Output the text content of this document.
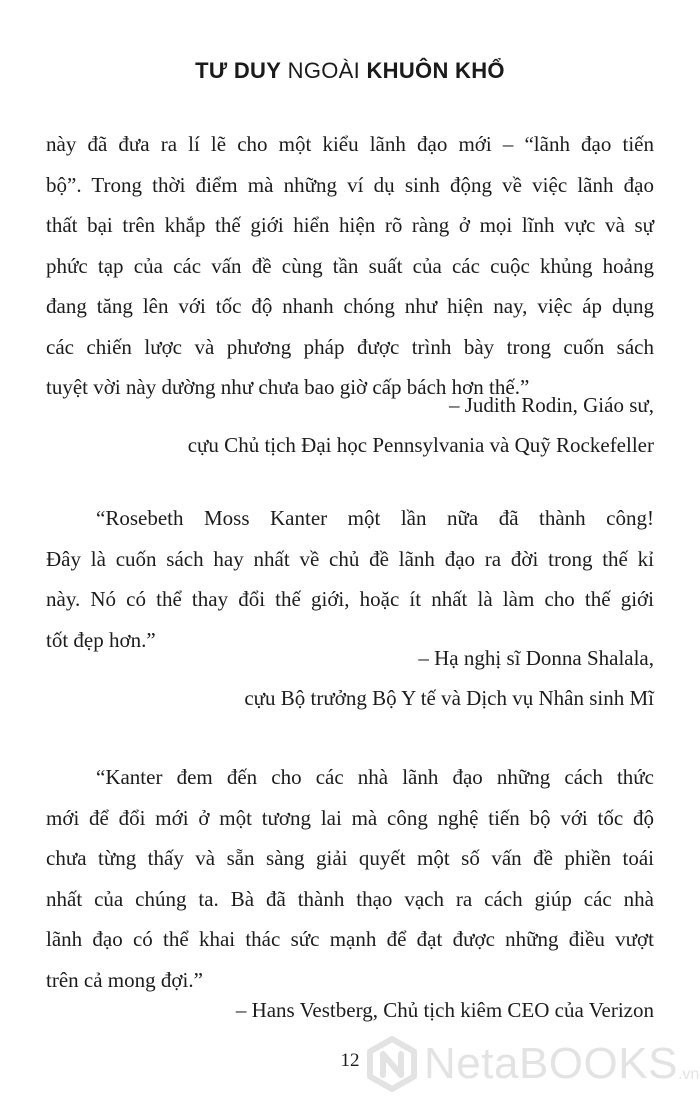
TƯ DUY NGOÀI KHUÔN KHỔ
này đã đưa ra lí lẽ cho một kiểu lãnh đạo mới – “lãnh đạo tiến
bộ”. Trong thời điểm mà những ví dụ sinh động về việc lãnh đạo
thất bại trên khắp thế giới hiển hiện rõ ràng ở mọi lĩnh vực và sự
phức tạp của các vấn đề cùng tần suất của các cuộc khủng hoảng
đang tăng lên với tốc độ nhanh chóng như hiện nay, việc áp dụng
các chiến lược và phương pháp được trình bày trong cuốn sách
tuyệt vời này dường như chưa bao giờ cấp bách hơn thế.”
– Judith Rodin, Giáo sư,
cựu Chủ tịch Đại học Pennsylvania và Quỹ Rockefeller
“Rosebeth Moss Kanter một lần nữa đã thành công!
Đây là cuốn sách hay nhất về chủ đề lãnh đạo ra đời trong thế kỉ
này. Nó có thể thay đổi thế giới, hoặc ít nhất là làm cho thế giới
tốt đẹp hơn.”
– Hạ nghị sĩ Donna Shalala,
cựu Bộ trưởng Bộ Y tế và Dịch vụ Nhân sinh Mĩ
“Kanter đem đến cho các nhà lãnh đạo những cách thức
mới để đổi mới ở một tương lai mà công nghệ tiến bộ với tốc độ
chưa từng thấy và sẵn sàng giải quyết một số vấn đề phiền toái
nhất của chúng ta. Bà đã thành thạo vạch ra cách giúp các nhà
lãnh đạo có thể khai thác sức mạnh để đạt được những điều vượt
trên cả mong đợi.”
– Hans Vestberg, Chủ tịch kiêm CEO của Verizon
12	NetaBOOKS .vn
